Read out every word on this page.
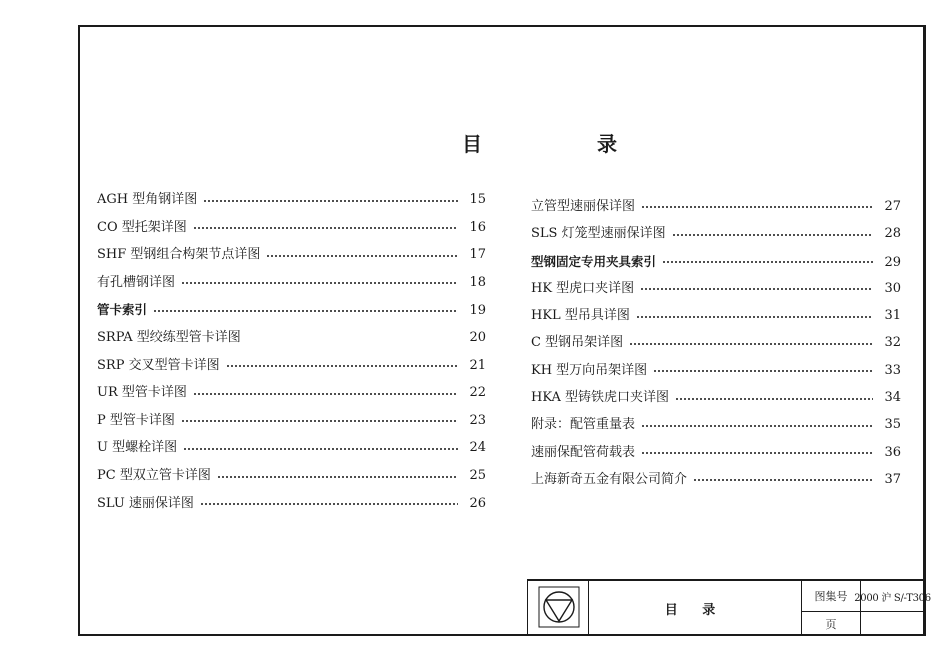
目 录
AGH 型角钢详图	15
CO 型托架详图	16
SHF 型钢组合构架节点详图	17
有孔槽钢详图	18
管卡索引	19
SRPA 型绞练型管卡详图	20
SRP 交叉型管卡详图	21
UR 型管卡详图	22
P 型管卡详图	23
U 型螺栓详图	24
PC 型双立管卡详图	25
SLU 速丽保详图	26
立管型速丽保详图	27
SLS 灯笼型速丽保详图	28
型钢固定专用夹具索引	29
HK 型虎口夹详图	30
HKL 型吊具详图	31
C 型钢吊架详图	32
KH 型万向吊架详图	33
HKA 型铸铁虎口夹详图	34
附录：配管重量表	35
速丽保配管荷载表	36
上海新奇五金有限公司简介	37
目 录
图集号 2000 沪 S/-T306
页
